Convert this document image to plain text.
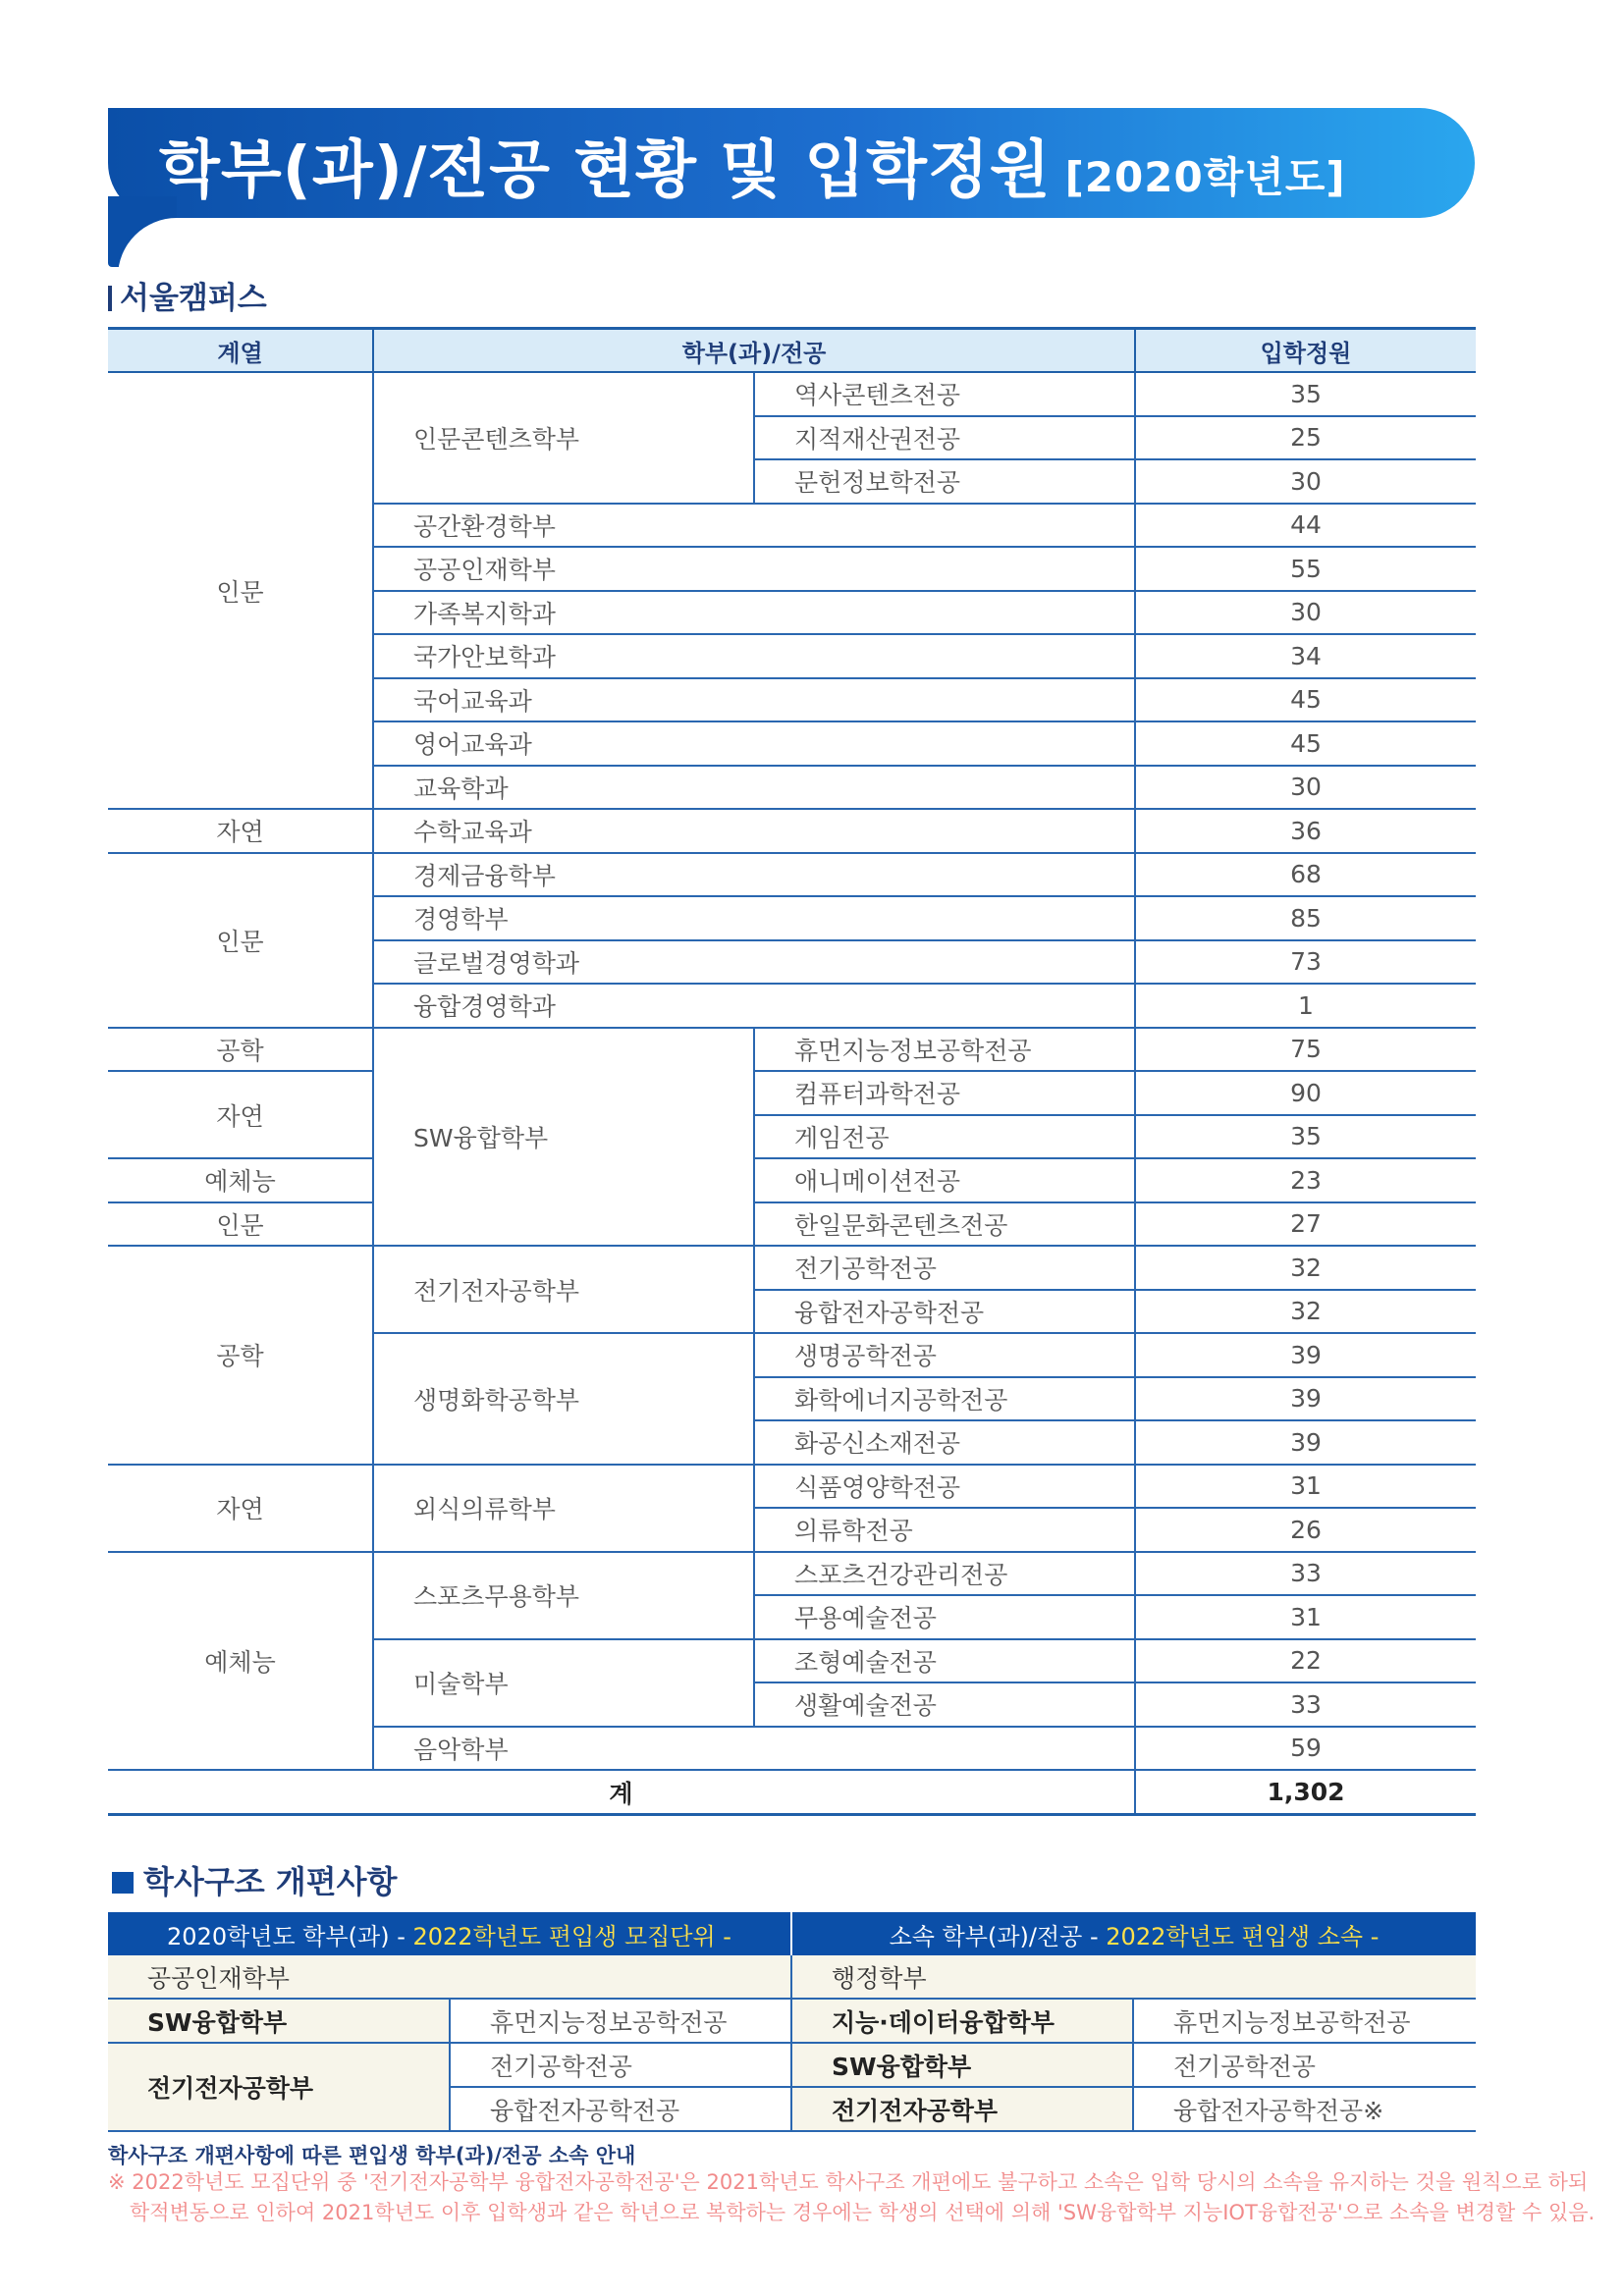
학부(과)/전공 현황 및 입학정원 [2020학년도]
서울캠퍼스
계열	학부(과)/전공		입학정원
인문	인문콘텐츠학부	역사콘텐츠전공	35
		지적재산권전공	25
		문헌정보학전공	30
	공간환경학부		44
	공공인재학부		55
	가족복지학과		30
	국가안보학과		34
	국어교육과		45
	영어교육과		45
	교육학과		30
자연	수학교육과		36
인문	경제금융학부		68
	경영학부		85
	글로벌경영학과		73
	융합경영학과		1
공학	SW융합학부	휴먼지능정보공학전공	75
자연		컴퓨터과학전공	90
		게임전공	35
예체능		애니메이션전공	23
인문		한일문화콘텐츠전공	27
공학	전기전자공학부	전기공학전공	32
		융합전자공학전공	32
	생명화학공학부	생명공학전공	39
		화학에너지공학전공	39
		화공신소재전공	39
자연	외식의류학부	식품영양학전공	31
		의류학전공	26
예체능	스포츠무용학부	스포츠건강관리전공	33
		무용예술전공	31
	미술학부	조형예술전공	22
		생활예술전공	33
	음악학부		59
계			1,302
학사구조 개편사항
2020학년도 학부(과) - 2022학년도 편입생 모집단위 -		소속 학부(과)/전공 - 2022학년도 편입생 소속 -	
공공인재학부		행정학부	
SW융합학부	휴먼지능정보공학전공	지능·데이터융합학부	휴먼지능정보공학전공
전기전자공학부	전기공학전공	SW융합학부	전기공학전공
	융합전자공학전공	전기전자공학부	융합전자공학전공※
학사구조 개편사항에 따른 편입생 학부(과)/전공 소속 안내
※ 2022학년도 모집단위 중 '전기전자공학부 융합전자공학전공'은 2021학년도 학사구조 개편에도 불구하고 소속은 입학 당시의 소속을 유지하는 것을 원칙으로 하되
학적변동으로 인하여 2021학년도 이후 입학생과 같은 학년으로 복학하는 경우에는 학생의 선택에 의해 'SW융합학부 지능IOT융합전공'으로 소속을 변경할 수 있음.
